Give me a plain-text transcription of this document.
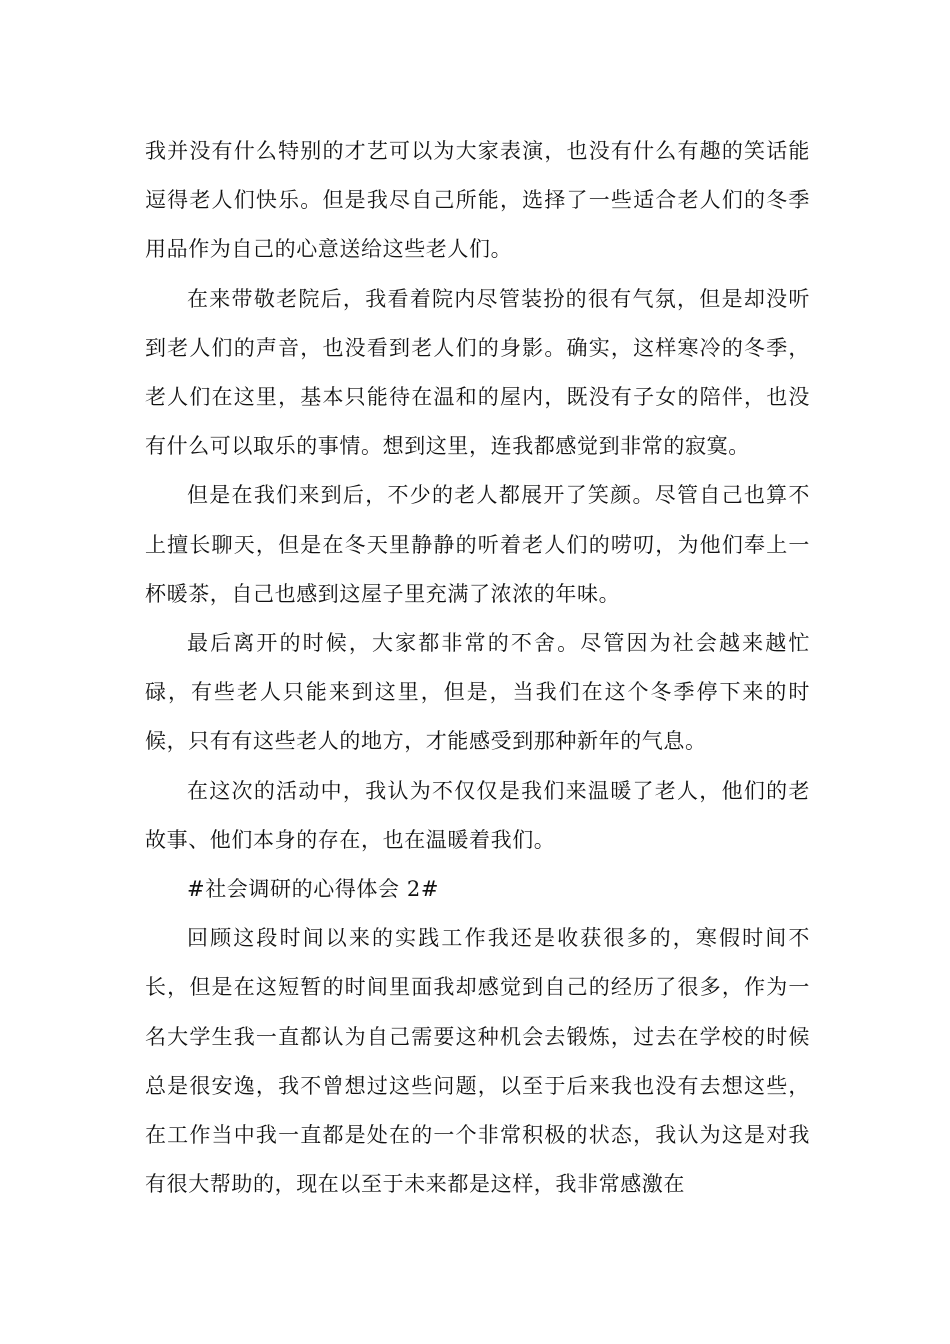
我并没有什么特别的才艺可以为大家表演，也没有什么有趣的笑话能逗得老人们快乐。但是我尽自己所能，选择了一些适合老人们的冬季用品作为自己的心意送给这些老人们。

在来带敬老院后，我看着院内尽管装扮的很有气氛，但是却没听到老人们的声音，也没看到老人们的身影。确实，这样寒冷的冬季，老人们在这里，基本只能待在温和的屋内，既没有子女的陪伴，也没有什么可以取乐的事情。想到这里，连我都感觉到非常的寂寞。

但是在我们来到后，不少的老人都展开了笑颜。尽管自己也算不上擅长聊天，但是在冬天里静静的听着老人们的唠叨，为他们奉上一杯暖茶，自己也感到这屋子里充满了浓浓的年味。

最后离开的时候，大家都非常的不舍。尽管因为社会越来越忙碌，有些老人只能来到这里，但是，当我们在这个冬季停下来的时候，只有有这些老人的地方，才能感受到那种新年的气息。

在这次的活动中，我认为不仅仅是我们来温暖了老人，他们的老故事、他们本身的存在，也在温暖着我们。

#社会调研的心得体会 2#

回顾这段时间以来的实践工作我还是收获很多的，寒假时间不长，但是在这短暂的时间里面我却感觉到自己的经历了很多，作为一名大学生我一直都认为自己需要这种机会去锻炼，过去在学校的时候总是很安逸，我不曾想过这些问题，以至于后来我也没有去想这些，在工作当中我一直都是处在的一个非常积极的状态，我认为这是对我有很大帮助的，现在以至于未来都是这样，我非常感激在
